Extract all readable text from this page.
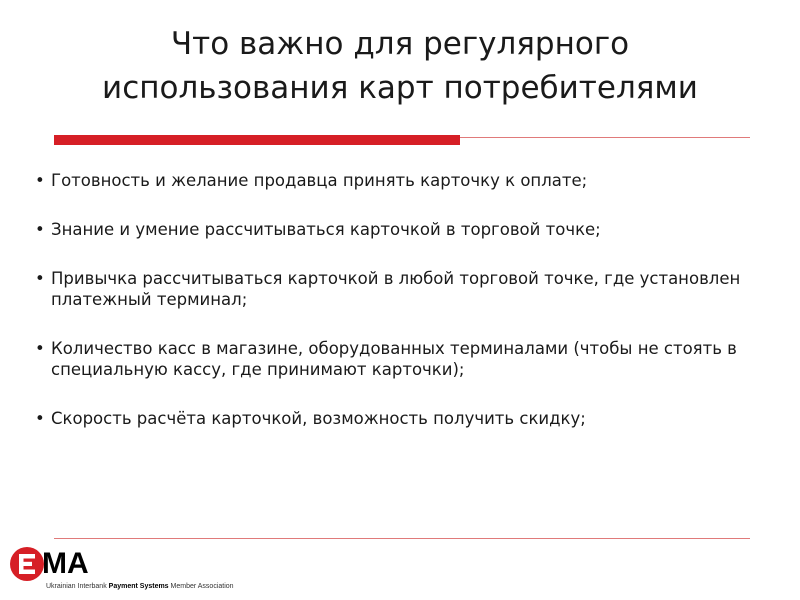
Что важно для регулярного
использования карт потребителями
• Готовность и желание продавца принять карточку к оплате;
• Знание и умение рассчитываться карточкой в торговой точке;
• Привычка рассчитываться карточкой в любой торговой точке, где установлен платежный терминал;
• Количество касс в магазине, оборудованных терминалами (чтобы не стоять в специальную кассу, где принимают карточки);
• Скорость расчёта карточкой, возможность получить скидку;
MA
Ukrainian Interbank Payment Systems Member Association
